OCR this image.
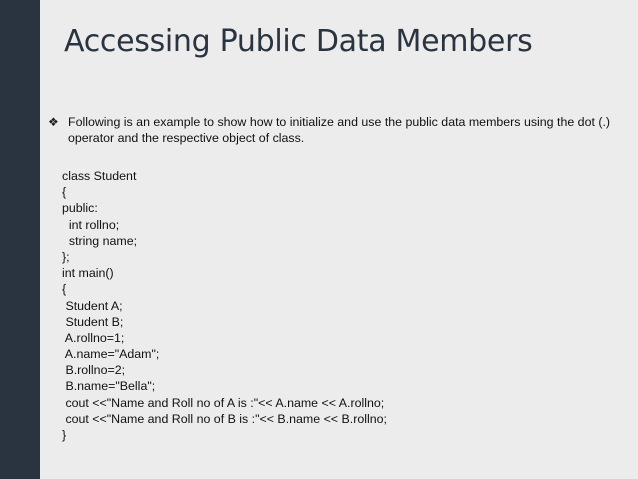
Accessing Public Data Members
❖ Following is an example to show how to initialize and use the public data members using the dot (.) operator and the respective object of class.
class Student
{
public:
int rollno;
string name;
};
int main()
{
Student A;
Student B;
A.rollno=1;
A.name="Adam";
B.rollno=2;
B.name="Bella";
cout <<"Name and Roll no of A is :"<< A.name << A.rollno;
cout <<"Name and Roll no of B is :"<< B.name << B.rollno;
}
